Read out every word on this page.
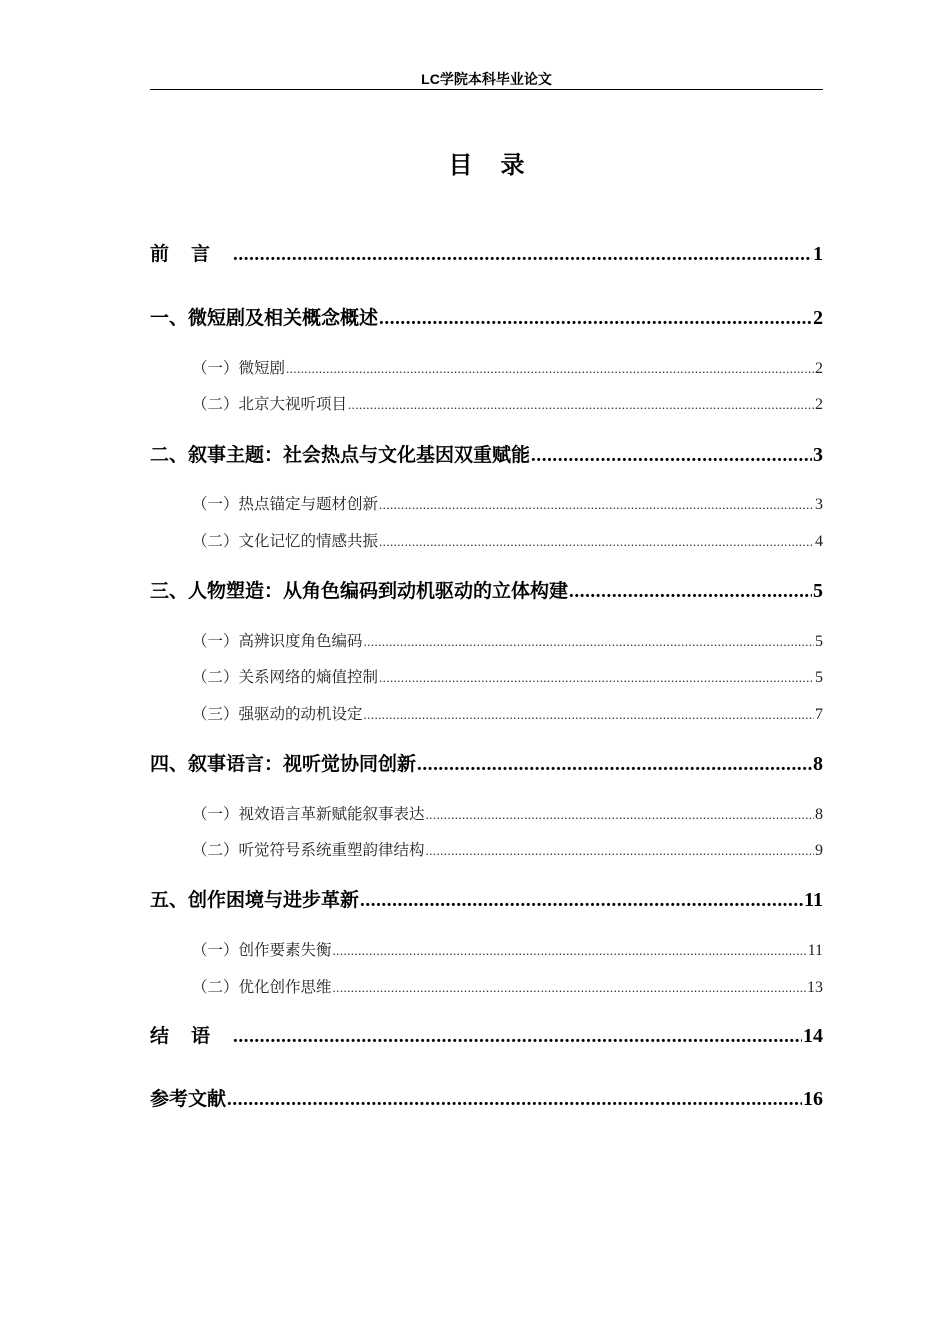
LC学院本科毕业论文
目录
前言 .....	1
一、微短剧及相关概念概述 .....	2
（一）微短剧 .....	2
（二）北京大视听项目 .....	2
二、叙事主题：社会热点与文化基因双重赋能 .....	3
（一）热点锚定与题材创新 .....	3
（二）文化记忆的情感共振 .....	4
三、人物塑造：从角色编码到动机驱动的立体构建 .....	5
（一）高辨识度角色编码 .....	5
（二）关系网络的熵值控制 .....	5
（三）强驱动的动机设定 .....	7
四、叙事语言：视听觉协同创新 .....	8
（一）视效语言革新赋能叙事表达 .....	8
（二）听觉符号系统重塑韵律结构 .....	9
五、创作困境与进步革新 .....	11
（一）创作要素失衡 .....	11
（二）优化创作思维 .....	13
结语 .....	14
参考文献 .....	16
